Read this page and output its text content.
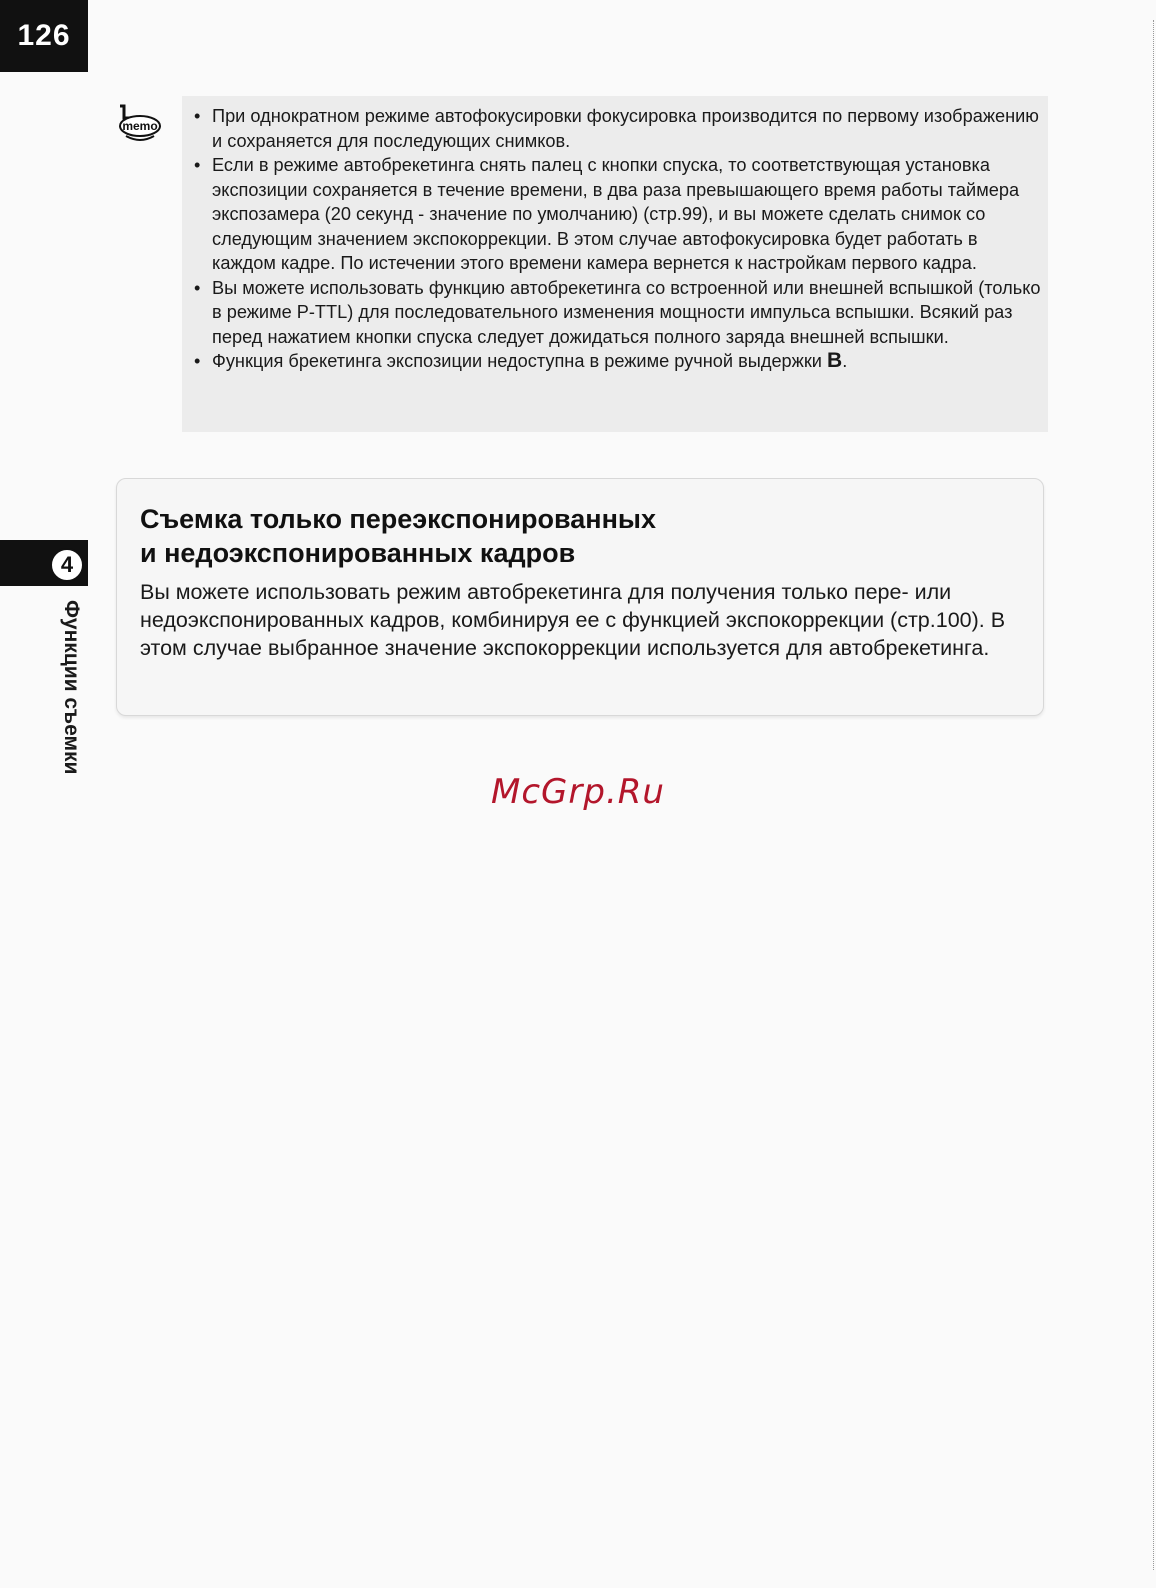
126
4
Функции съемки
memo
•	При однократном режиме автофокусировки фокусировка производится по первому изображению и сохраняется для последующих снимков.
• Если в режиме автобрекетинга снять палец с кнопки спуска, то соответствующая установка экспозиции сохраняется в течение времени, в два раза превышающего время работы таймера экспозамера (20 секунд - значение по умолчанию) (стр.99), и вы можете сделать снимок со следующим значением экспокоррекции. В этом случае автофокусировка будет работать в каждом кадре. По истечении этого времени камера вернется к настройкам первого кадра.
• Вы можете использовать функцию автобрекетинга со встроенной или внешней вспышкой (только в режиме P-TTL) для последовательного изменения мощности импульса вспышки. Всякий раз перед нажатием кнопки спуска следует дожидаться полного заряда внешней вспышки.
• Функция брекетинга экспозиции недоступна в режиме ручной выдержки B.
Съемка только переэкспонированных
и недоэкспонированных кадров

Вы можете использовать режим автобрекетинга для получения только пере- или недоэкспонированных кадров, комбинируя ее с функцией экспокоррекции (стр.100). В этом случае выбранное значение экспокоррекции используется для автобрекетинга.

McGrp.Ru
